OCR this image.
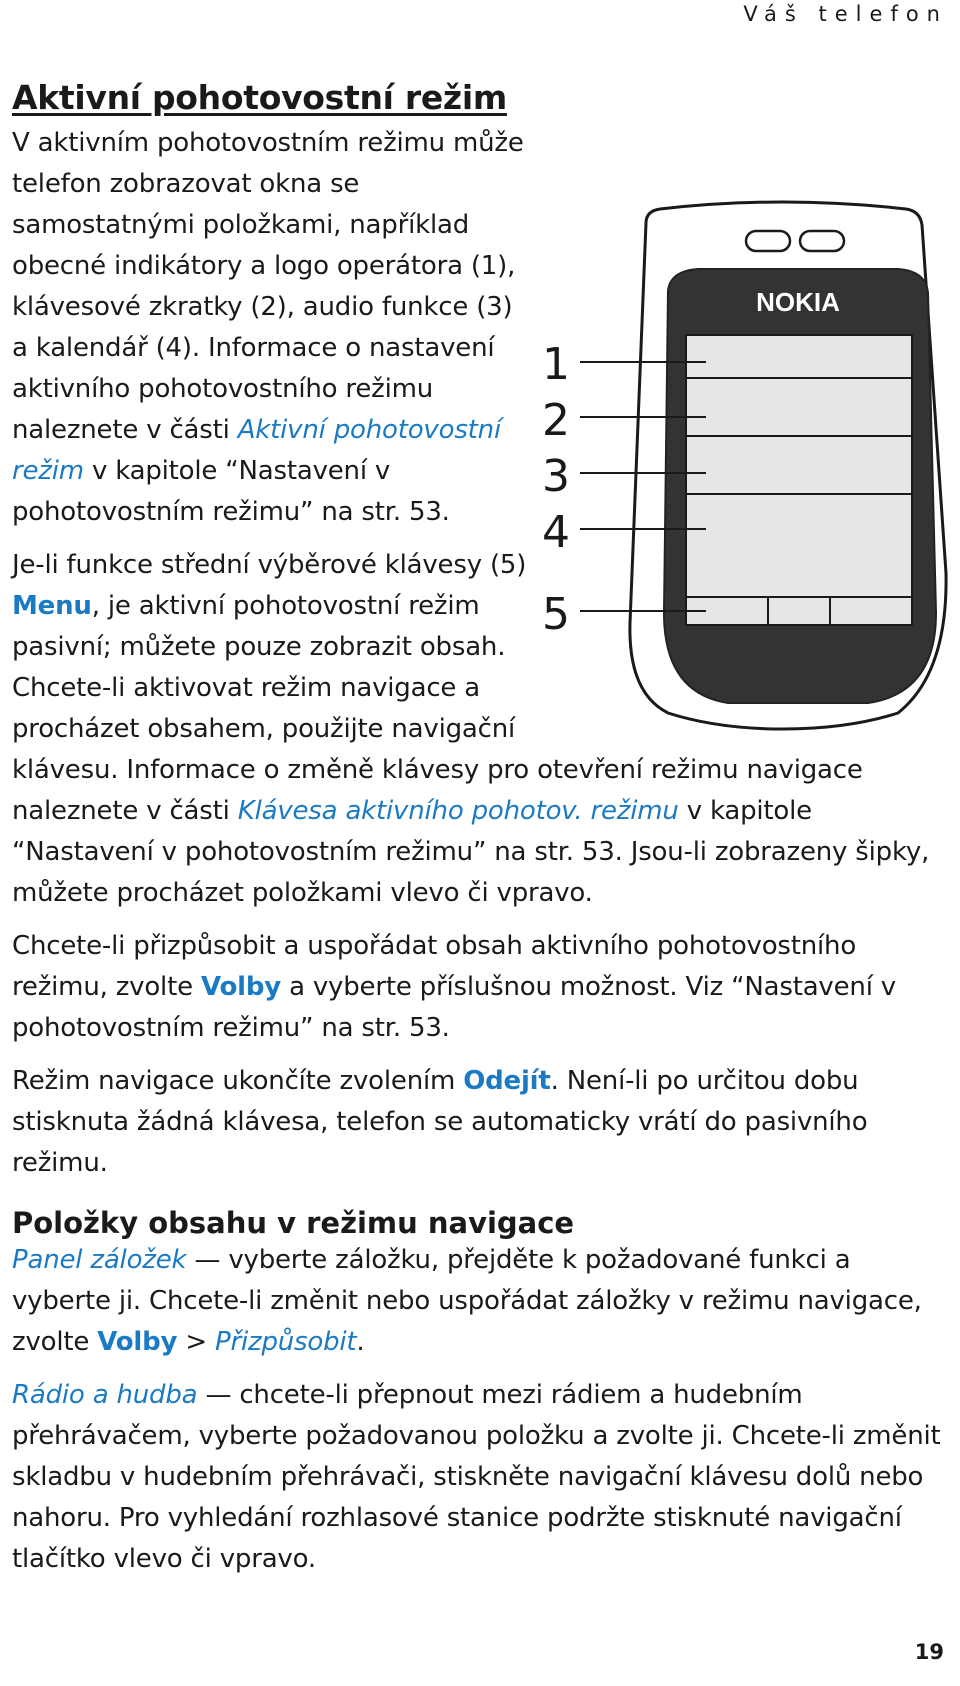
Váš telefon
Aktivní pohotovostní režim
NOKIA
1
2
3
4
5

V aktivním pohotovostním režimu může telefon zobrazovat okna se samostatnými položkami, například obecné indikátory a logo operátora (1), klávesové zkratky (2), audio funkce (3) a kalendář (4). Informace o nastavení aktivního pohotovostního režimu naleznete v části Aktivní pohotovostní režim v kapitole “Nastavení v pohotovostním režimu” na str. 53.

Je-li funkce střední výběrové klávesy (5) Menu, je aktivní pohotovostní režim pasivní; můžete pouze zobrazit obsah. Chcete-li aktivovat režim navigace a procházet obsahem, použijte navigační klávesu. Informace o změně klávesy pro otevření režimu navigace naleznete v části Klávesa aktivního pohotov. režimu v kapitole “Nastavení v pohotovostním režimu” na str. 53. Jsou-li zobrazeny šipky, můžete procházet položkami vlevo či vpravo.

Chcete-li přizpůsobit a uspořádat obsah aktivního pohotovostního režimu, zvolte Volby a vyberte příslušnou možnost. Viz “Nastavení v pohotovostním režimu” na str. 53.

Režim navigace ukončíte zvolením Odejít. Není-li po určitou dobu stisknuta žádná klávesa, telefon se automaticky vrátí do pasivního režimu.

Položky obsahu v režimu navigace

Panel záložek — vyberte záložku, přejděte k požadované funkci a vyberte ji. Chcete-li změnit nebo uspořádat záložky v režimu navigace, zvolte Volby > Přizpůsobit.

Rádio a hudba — chcete-li přepnout mezi rádiem a hudebním přehrávačem, vyberte požadovanou položku a zvolte ji. Chcete-li změnit skladbu v hudebním přehrávači, stiskněte navigační klávesu dolů nebo nahoru. Pro vyhledání rozhlasové stanice podržte stisknuté navigační tlačítko vlevo či vpravo.

19
